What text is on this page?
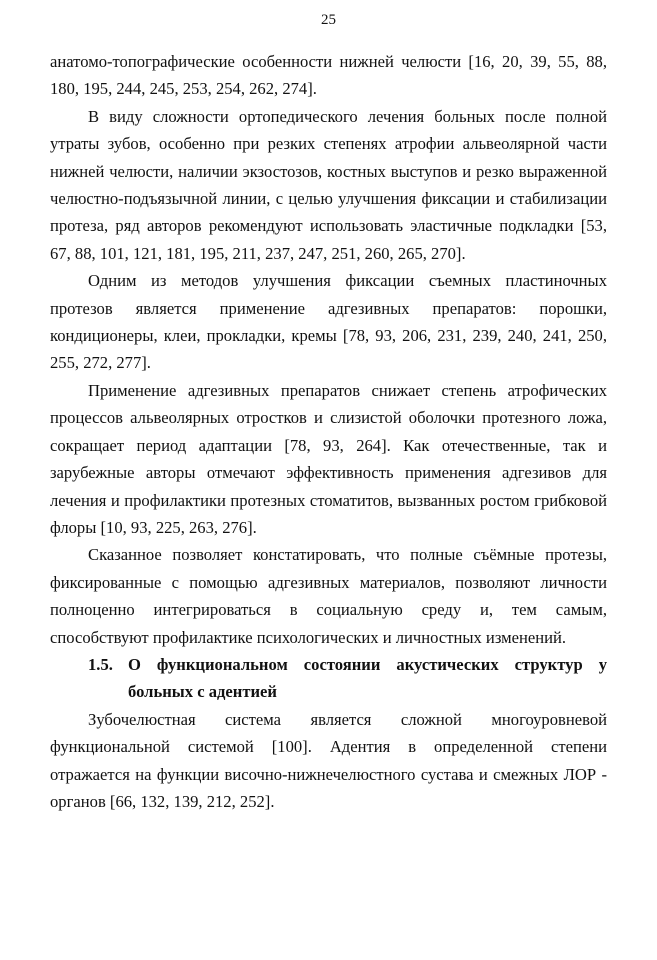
25

анатомо-топографические особенности нижней челюсти [16, 20, 39, 55, 88, 180, 195, 244, 245, 253, 254, 262, 274].

В виду сложности ортопедического лечения больных после полной утраты зубов, особенно при резких степенях атрофии альвеолярной части нижней челюсти, наличии экзостозов, костных выступов и резко выраженной челюстно-подъязычной линии, с целью улучшения фиксации и стабилизации протеза, ряд авторов рекомендуют использовать эластичные подкладки [53, 67, 88, 101, 121, 181, 195, 211, 237, 247, 251, 260, 265, 270].

Одним из методов улучшения фиксации съемных пластиночных протезов является применение адгезивных препаратов: порошки, кондиционеры, клеи, прокладки, кремы [78, 93, 206, 231, 239, 240, 241, 250, 255, 272, 277].

Применение адгезивных препаратов снижает степень атрофических процессов альвеолярных отростков и слизистой оболочки протезного ложа, сокращает период адаптации [78, 93, 264]. Как отечественные, так и зарубежные авторы отмечают эффективность применения адгезивов для лечения и профилактики протезных стоматитов, вызванных ростом грибковой флоры [10, 93, 225, 263, 276].

Сказанное позволяет констатировать, что полные съёмные протезы, фиксированные с помощью адгезивных материалов, позволяют личности полноценно интегрироваться в социальную среду и, тем самым, способствуют профилактике психологических и личностных изменений.

1.5. О функциональном состоянии акустических структур у больных с адентией

Зубочелюстная система является сложной многоуровневой функциональной системой [100]. Адентия в определенной степени отражается на функции височно-нижнечелюстного сустава и смежных ЛОР - органов [66, 132, 139, 212, 252].
